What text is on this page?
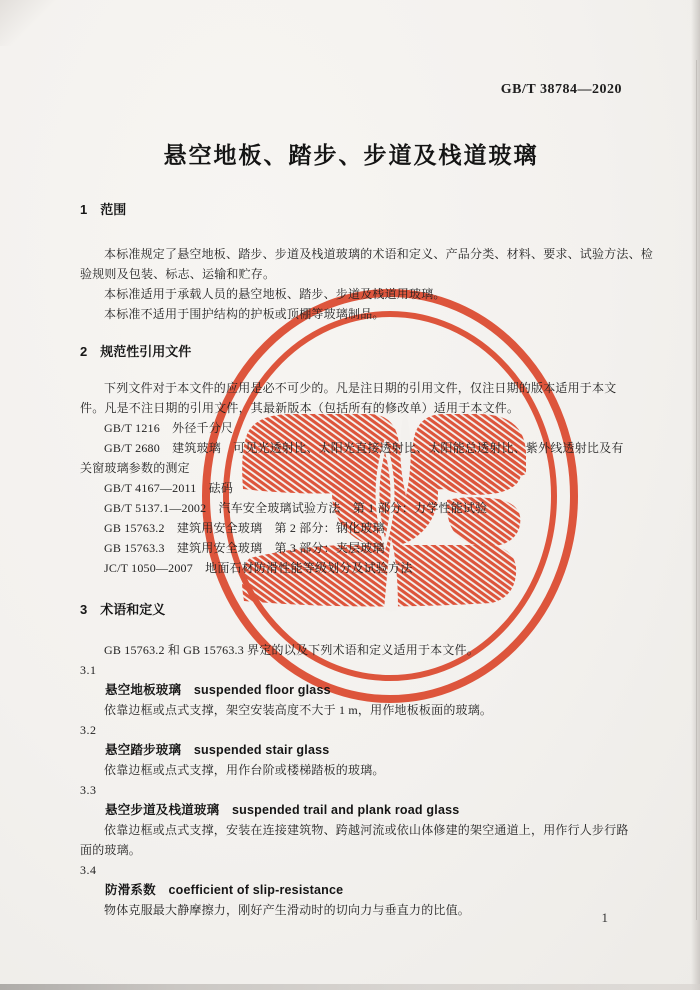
GB/T 38784—2020
悬空地板、踏步、步道及栈道玻璃
1 范围
本标准规定了悬空地板、踏步、步道及栈道玻璃的术语和定义、产品分类、材料、要求、试验方法、检
验规则及包装、标志、运输和贮存。
本标准适用于承载人员的悬空地板、踏步、步道及栈道用玻璃。
本标准不适用于围护结构的护板或顶棚等玻璃制品。
2 规范性引用文件
下列文件对于本文件的应用是必不可少的。凡是注日期的引用文件，仅注日期的版本适用于本文
件。凡是不注日期的引用文件，其最新版本（包括所有的修改单）适用于本文件。
GB/T 1216　外径千分尺
GB/T 2680　建筑玻璃　可见光透射比、太阳光直接透射比、太阳能总透射比、紫外线透射比及有
关窗玻璃参数的测定
GB/T 4167—2011　砝码
GB/T 5137.1—2002　汽车安全玻璃试验方法　第 1 部分：力学性能试验
GB 15763.2　建筑用安全玻璃　第 2 部分：钢化玻璃
GB 15763.3　建筑用安全玻璃　第 3 部分：夹层玻璃
JC/T 1050—2007　地面石材防滑性能等级划分及试验方法
3 术语和定义
GB 15763.2 和 GB 15763.3 界定的以及下列术语和定义适用于本文件。
3.1
悬空地板玻璃　suspended floor glass
依靠边框或点式支撑，架空安装高度不大于 1 m，用作地板板面的玻璃。
3.2
悬空踏步玻璃　suspended stair glass
依靠边框或点式支撑，用作台阶或楼梯踏板的玻璃。
3.3
悬空步道及栈道玻璃　suspended trail and plank road glass
依靠边框或点式支撑，安装在连接建筑物、跨越河流或依山体修建的架空通道上，用作行人步行路
面的玻璃。
3.4
防滑系数　coefficient of slip-resistance
物体克服最大静摩擦力，刚好产生滑动时的切向力与垂直力的比值。	1
